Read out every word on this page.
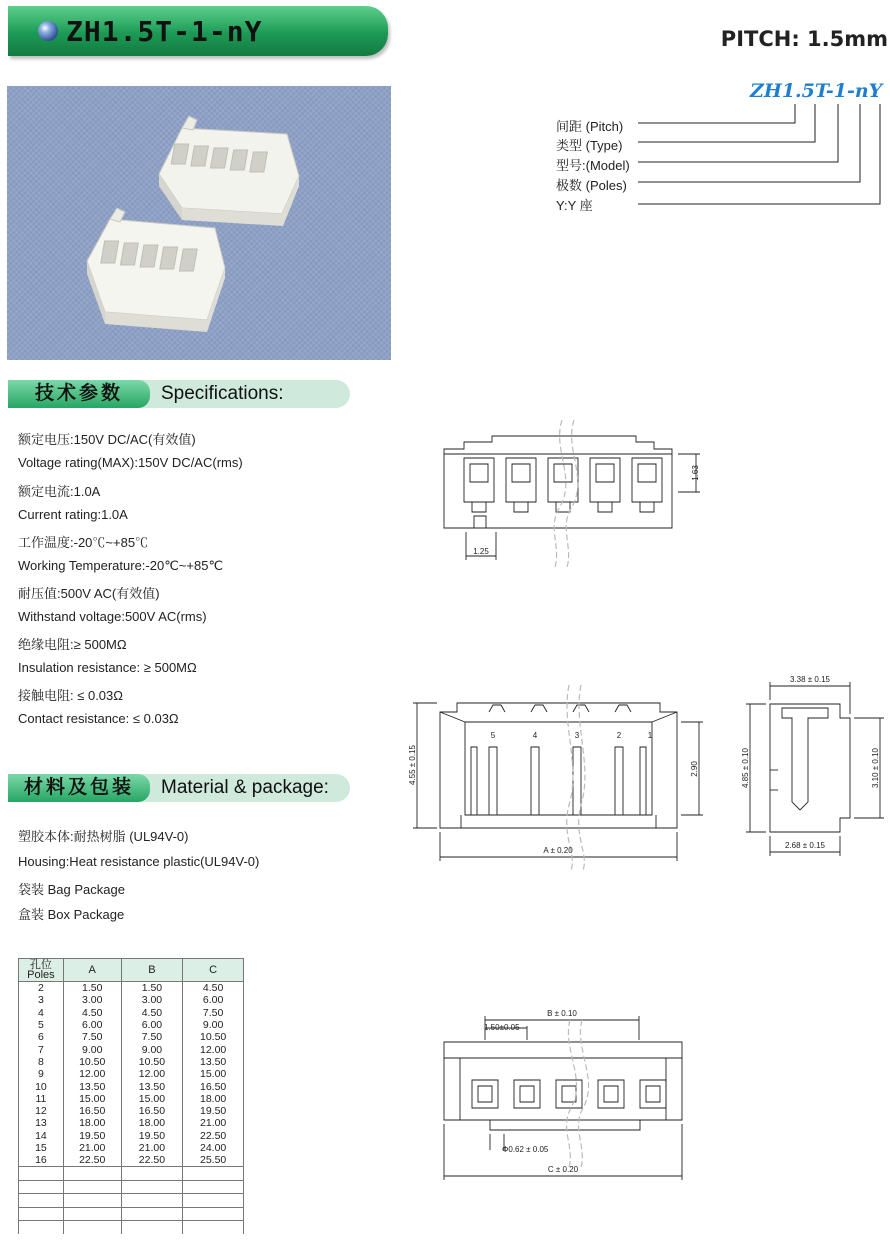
ZH1.5T-1-nY	PITCH: 1.5mm
ZH1.5T-1-nY
间距 (Pitch)
类型 (Type)
型号:(Model)
极数 (Poles)
Y:Y 座
技术参数	Specifications:
额定电压:150V DC/AC(有效值)
Voltage rating(MAX):150V DC/AC(rms)
额定电流:1.0A
Current rating:1.0A
工作温度:-20℃~+85℃
Working Temperature:-20℃~+85℃
耐压值:500V AC(有效值)
Withstand voltage:500V AC(rms)
绝缘电阻:≥ 500MΩ
Insulation resistance: ≥ 500MΩ
接触电阻: ≤ 0.03Ω
Contact resistance: ≤ 0.03Ω
材料及包装	Material & package:
塑胶本体:耐热树脂 (UL94V-0)
Housing:Heat resistance plastic(UL94V-0)
袋装 Bag Package
盒装 Box Package
孔位
Poles	A	B	C
2	1.50	1.50	4.50
3	3.00	3.00	6.00
4	4.50	4.50	7.50
5	6.00	6.00	9.00
6	7.50	7.50	10.50
7	9.00	9.00	12.00
8	10.50	10.50	13.50
9	12.00	12.00	15.00
10	13.50	13.50	16.50
11	15.00	15.00	18.00
12	16.50	16.50	19.50
13	18.00	18.00	21.00
14	19.50	19.50	22.50
15	21.00	21.00	24.00
16	22.50	22.50	25.50

1.63
1.25
5	4	3	2	1
4.55 ± 0.15	2.90
A ± 0.20
3.38 ± 0.15
4.85 ± 0.10	3.10 ± 0.10
2.68 ± 0.15
B ± 0.10
1.50±0.05
Φ0.62 ± 0.05
C ± 0.20
